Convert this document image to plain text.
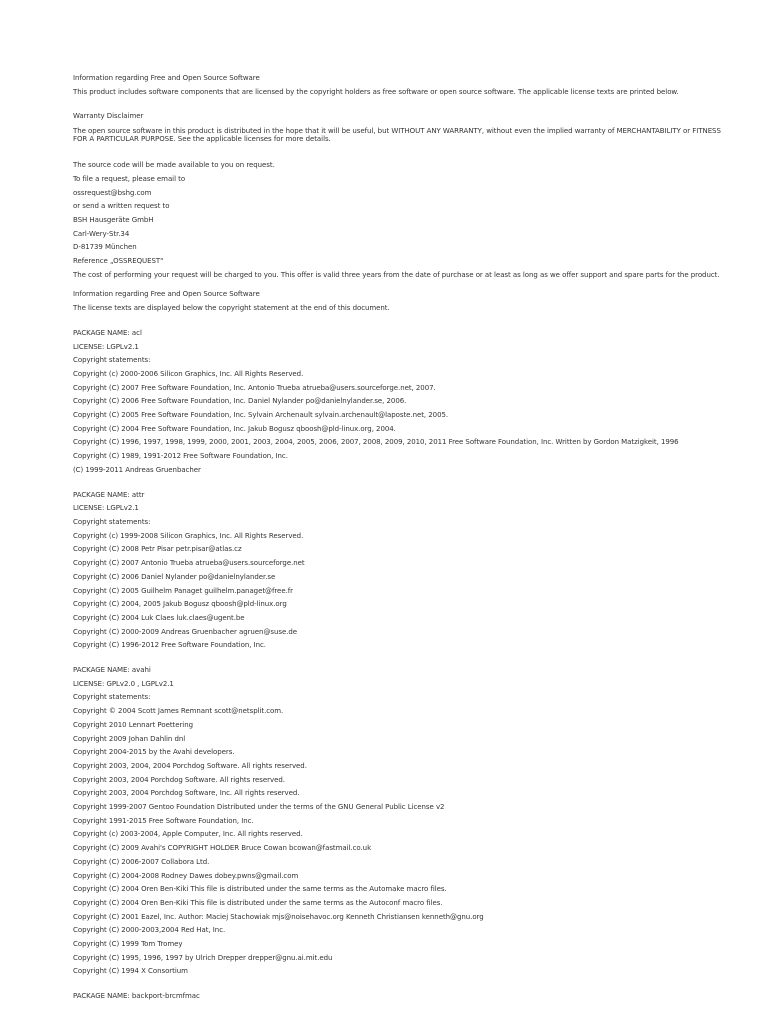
Information regarding Free and Open Source Software
This product includes software components that are licensed by the copyright holders as free software or open source software. The applicable license texts are printed below.
Warranty Disclaimer
The open source software in this product is distributed in the hope that it will be useful, but WITHOUT ANY WARRANTY, without even the implied warranty of MERCHANTABILITY or FITNESS FOR A PARTICULAR PURPOSE. See the applicable licenses for more details.
The source code will be made available to you on request.
To file a request, please email to
ossrequest@bshg.com
or send a written request to
BSH Hausgeräte GmbH
Carl-Wery-Str.34
D-81739 München
Reference „OSSREQUEST“
The cost of performing your request will be charged to you. This offer is valid three years from the date of purchase or at least as long as we offer support and spare parts for the product.
Information regarding Free and Open Source Software
The license texts are displayed below the copyright statement at the end of this document.
PACKAGE NAME: acl
LICENSE: LGPLv2.1
Copyright statements:
Copyright (c) 2000-2006 Silicon Graphics, Inc. All Rights Reserved.
Copyright (C) 2007 Free Software Foundation, Inc. Antonio Trueba atrueba@users.sourceforge.net, 2007.
Copyright (C) 2006 Free Software Foundation, Inc. Daniel Nylander po@danielnylander.se, 2006.
Copyright (C) 2005 Free Software Foundation, Inc. Sylvain Archenault sylvain.archenault@laposte.net, 2005.
Copyright (C) 2004 Free Software Foundation, Inc. Jakub Bogusz qboosh@pld-linux.org, 2004.
Copyright (C) 1996, 1997, 1998, 1999, 2000, 2001, 2003, 2004, 2005, 2006, 2007, 2008, 2009, 2010, 2011 Free Software Foundation, Inc. Written by Gordon Matzigkeit, 1996
Copyright (C) 1989, 1991-2012 Free Software Foundation, Inc.
(C) 1999-2011 Andreas Gruenbacher
PACKAGE NAME: attr
LICENSE: LGPLv2.1
Copyright statements:
Copyright (c) 1999-2008 Silicon Graphics, Inc. All Rights Reserved.
Copyright (C) 2008 Petr Pisar petr.pisar@atlas.cz
Copyright (C) 2007 Antonio Trueba atrueba@users.sourceforge.net
Copyright (C) 2006 Daniel Nylander po@danielnylander.se
Copyright (C) 2005 Guilhelm Panaget guilhelm.panaget@free.fr
Copyright (C) 2004, 2005 Jakub Bogusz qboosh@pld-linux.org
Copyright (C) 2004 Luk Claes luk.claes@ugent.be
Copyright (C) 2000-2009 Andreas Gruenbacher agruen@suse.de
Copyright (C) 1996-2012 Free Software Foundation, Inc.
PACKAGE NAME: avahi
LICENSE: GPLv2.0 , LGPLv2.1
Copyright statements:
Copyright © 2004 Scott James Remnant scott@netsplit.com.
Copyright 2010 Lennart Poettering
Copyright 2009 Johan Dahlin dnl
Copyright 2004-2015 by the Avahi developers.
Copyright 2003, 2004, 2004 Porchdog Software. All rights reserved.
Copyright 2003, 2004 Porchdog Software. All rights reserved.
Copyright 2003, 2004 Porchdog Software, Inc. All rights reserved.
Copyright 1999-2007 Gentoo Foundation Distributed under the terms of the GNU General Public License v2
Copyright 1991-2015 Free Software Foundation, Inc.
Copyright (c) 2003-2004, Apple Computer, Inc. All rights reserved.
Copyright (C) 2009 Avahi's COPYRIGHT HOLDER Bruce Cowan bcowan@fastmail.co.uk
Copyright (C) 2006-2007 Collabora Ltd.
Copyright (C) 2004-2008 Rodney Dawes dobey.pwns@gmail.com
Copyright (C) 2004 Oren Ben-Kiki This file is distributed under the same terms as the Automake macro files.
Copyright (C) 2004 Oren Ben-Kiki This file is distributed under the same terms as the Autoconf macro files.
Copyright (C) 2001 Eazel, Inc. Author: Maciej Stachowiak mjs@noisehavoc.org Kenneth Christiansen kenneth@gnu.org
Copyright (C) 2000-2003,2004 Red Hat, Inc.
Copyright (C) 1999 Tom Tromey
Copyright (C) 1995, 1996, 1997 by Ulrich Drepper drepper@gnu.ai.mit.edu
Copyright (C) 1994 X Consortium
PACKAGE NAME: backport-brcmfmac
